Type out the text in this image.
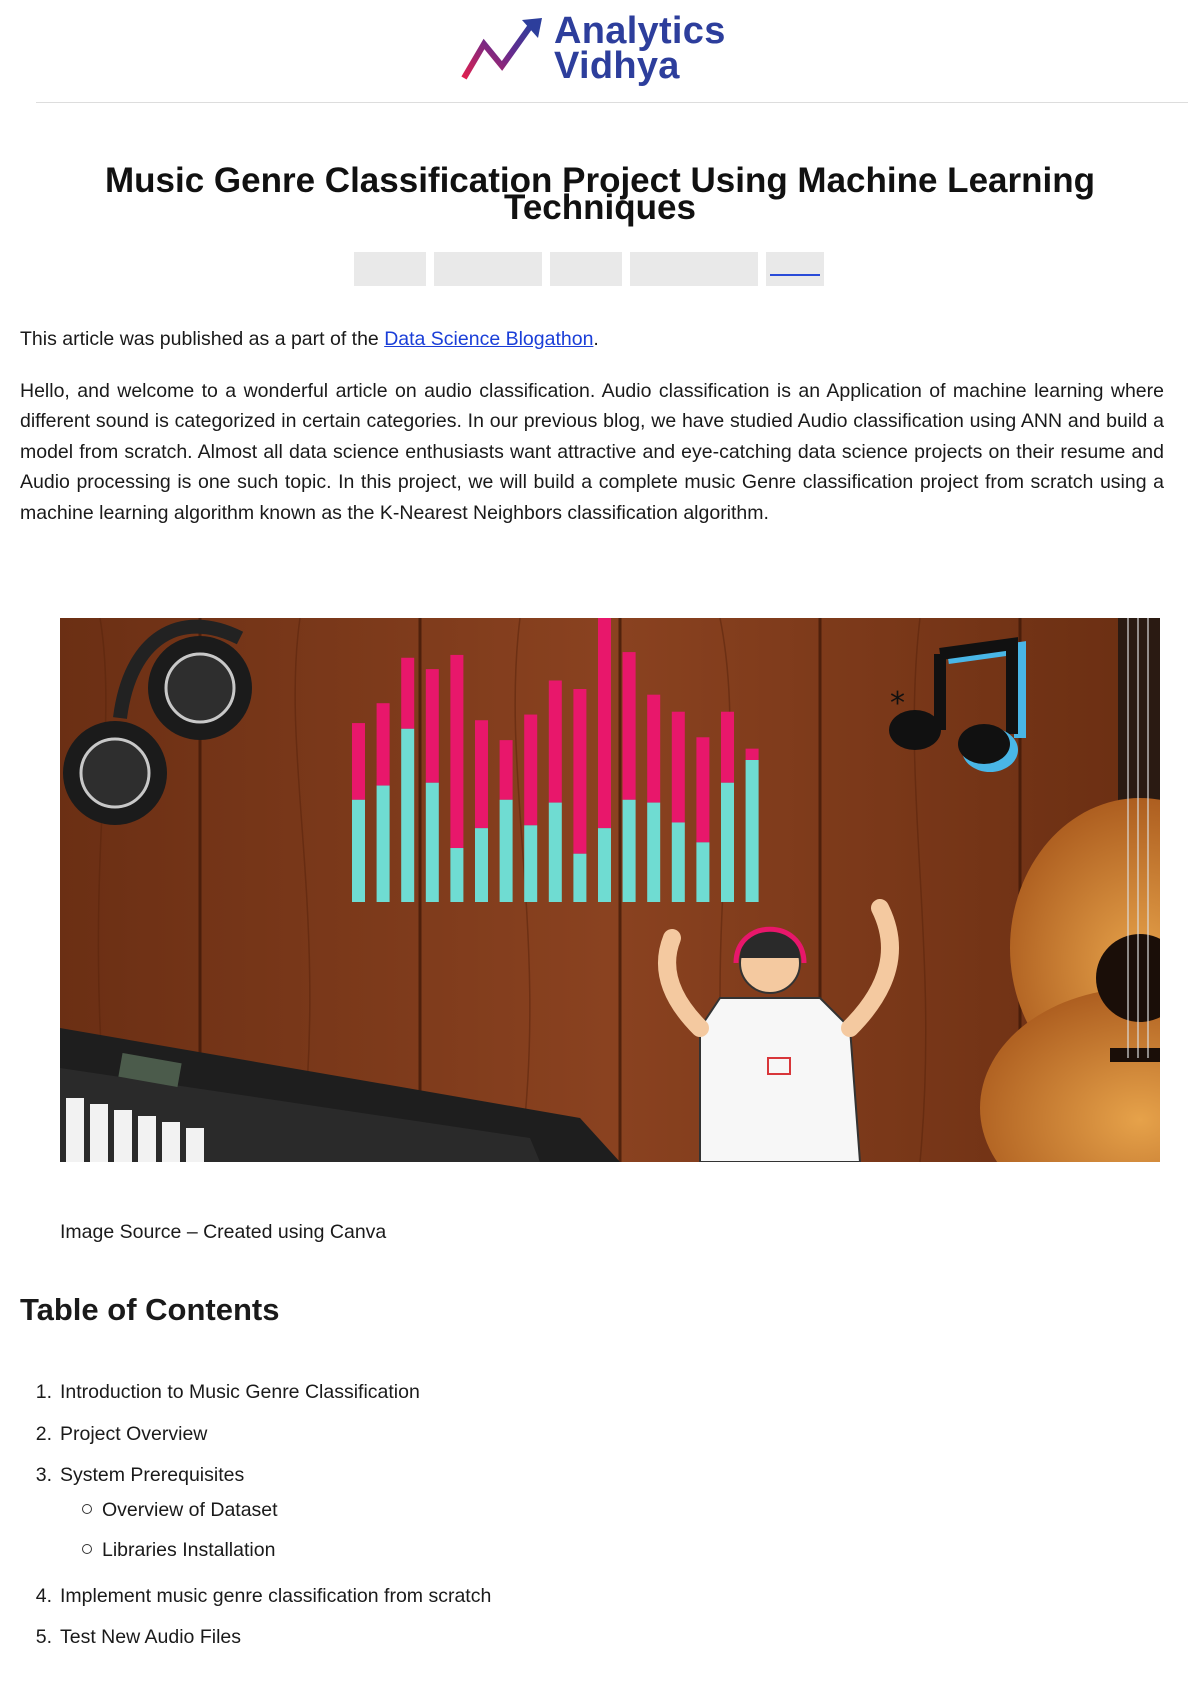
Analytics
Vidhya
Music Genre Classification Project Using Machine Learning Techniques

This article was published as a part of the Data Science Blogathon.

Hello, and welcome to a wonderful article on audio classification. Audio classification is an Application of machine learning where different sound is categorized in certain categories. In our previous blog, we have studied Audio classification using ANN and build a model from scratch. Almost all data science enthusiasts want attractive and eye-catching data science projects on their resume and Audio processing is one such topic. In this project, we will build a complete music Genre classification project from scratch using a machine learning algorithm known as the K-Nearest Neighbors classification algorithm.

*
Image Source – Created using Canva
Table of Contents
1. Introduction to Music Genre Classification
2. Project Overview
3. System Prerequisites
Overview of Dataset
Libraries Installation
4. Implement music genre classification from scratch
5. Test New Audio Files
